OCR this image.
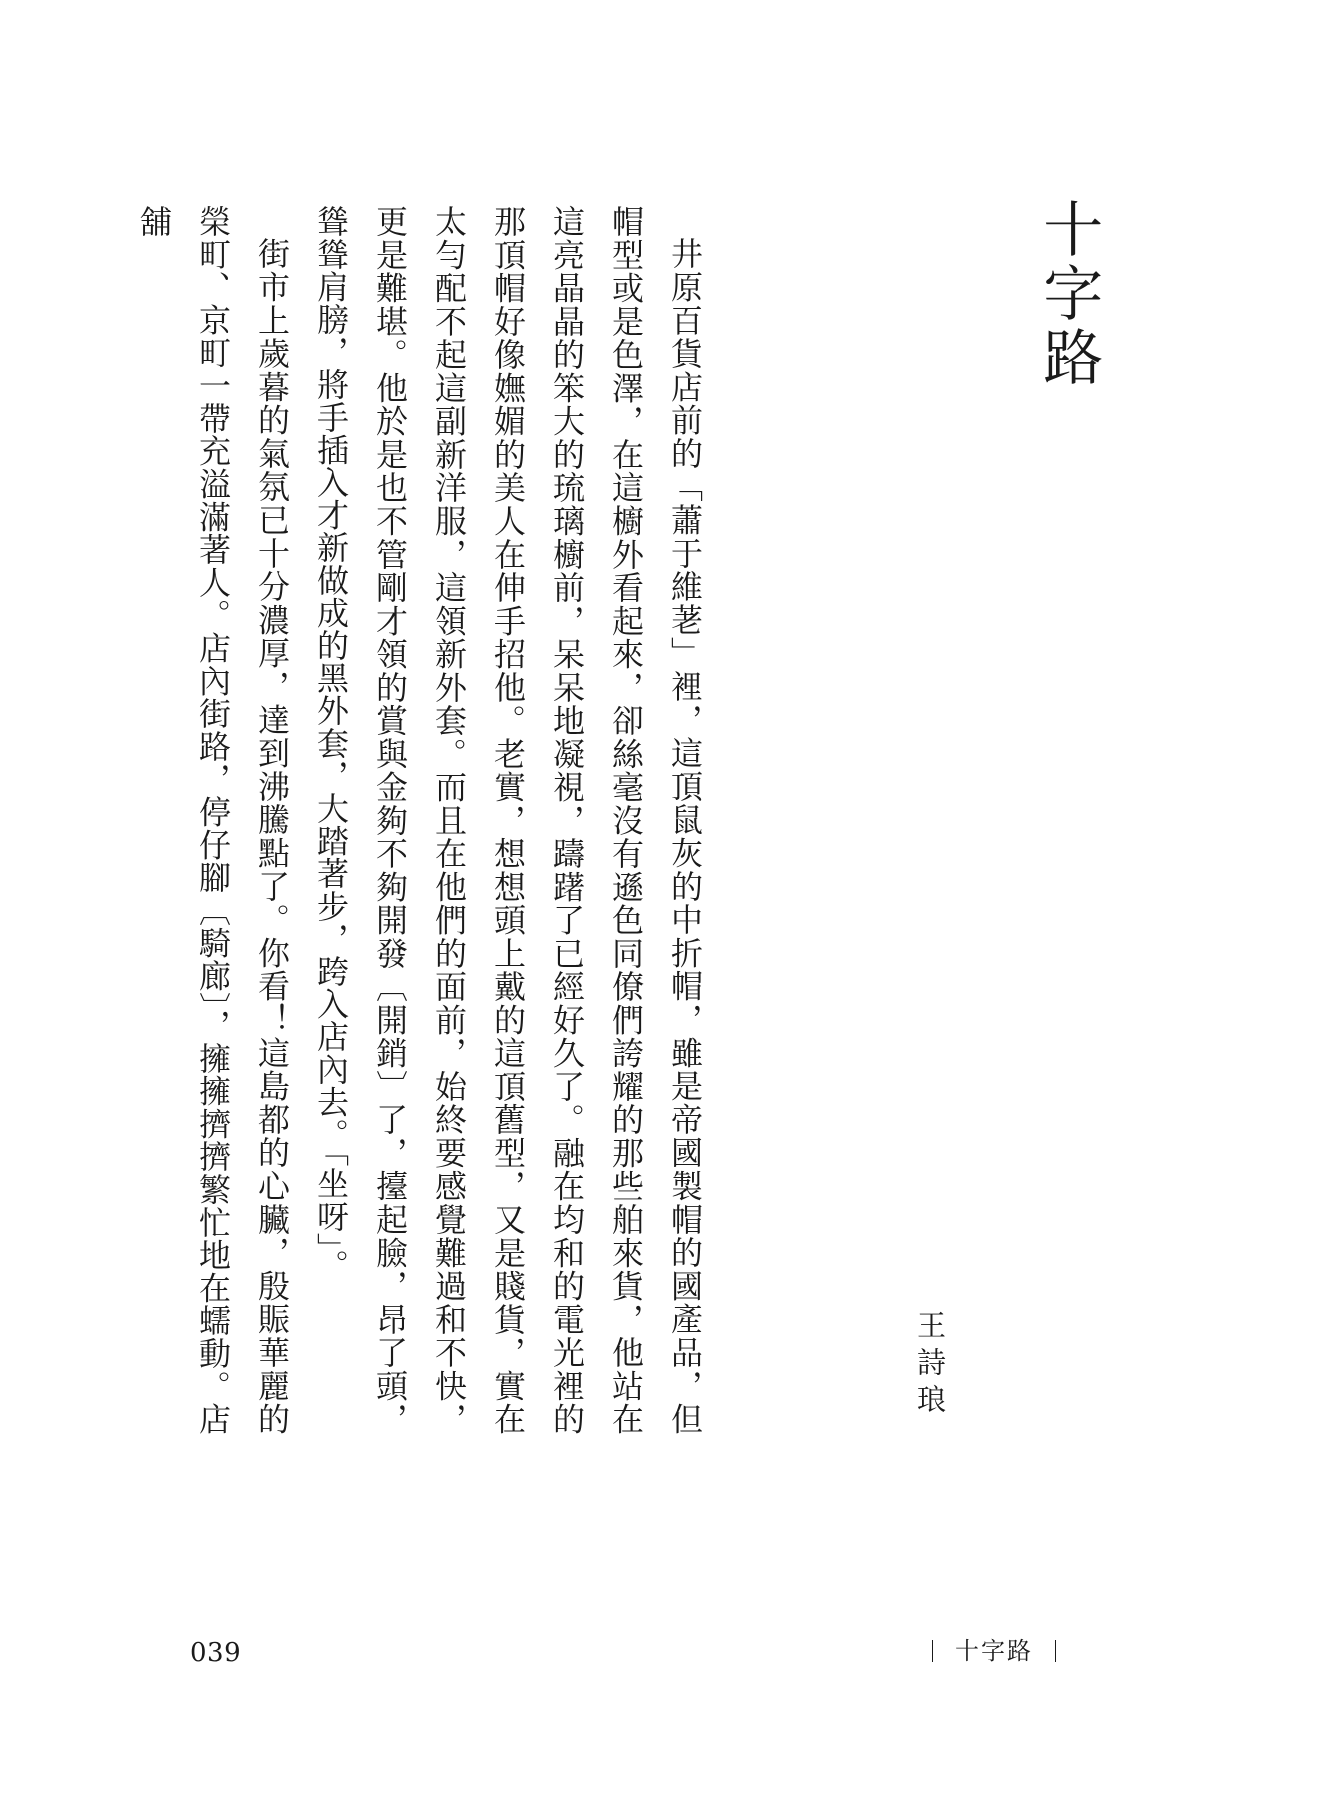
十字路
王詩琅

井原百貨店前的「蕭于維荖」裡，這頂鼠灰的中折帽，雖是帝國製帽的國產品，但帽型或是色澤，在這櫥外看起來，卻絲毫沒有遜色同僚們誇耀的那些舶來貨，他站在這亮晶晶的笨大的琉璃櫥前，呆呆地凝視，躊躇了已經好久了。融在均和的電光裡的那頂帽好像嫵媚的美人在伸手招他。老實，想想頭上戴的這頂舊型，又是賤貨，實在太勻配不起這副新洋服，這領新外套。而且在他們的面前，始終要感覺難過和不快，更是難堪。他於是也不管剛才領的賞與金夠不夠開發〔開銷〕了，擡起臉，昂了頭，聳聳肩膀，將手插入才新做成的黑外套，大踏著步，跨入店內去。「坐呀」。

街市上歲暮的氣氛已十分濃厚，達到沸騰點了。你看！這島都的心臟，殷賑華麗的榮町、京町一帶充溢滿著人。店內街路，停仔腳〔騎廊〕，擁擁擠擠繁忙地在蠕動。店舖

039	十字路
